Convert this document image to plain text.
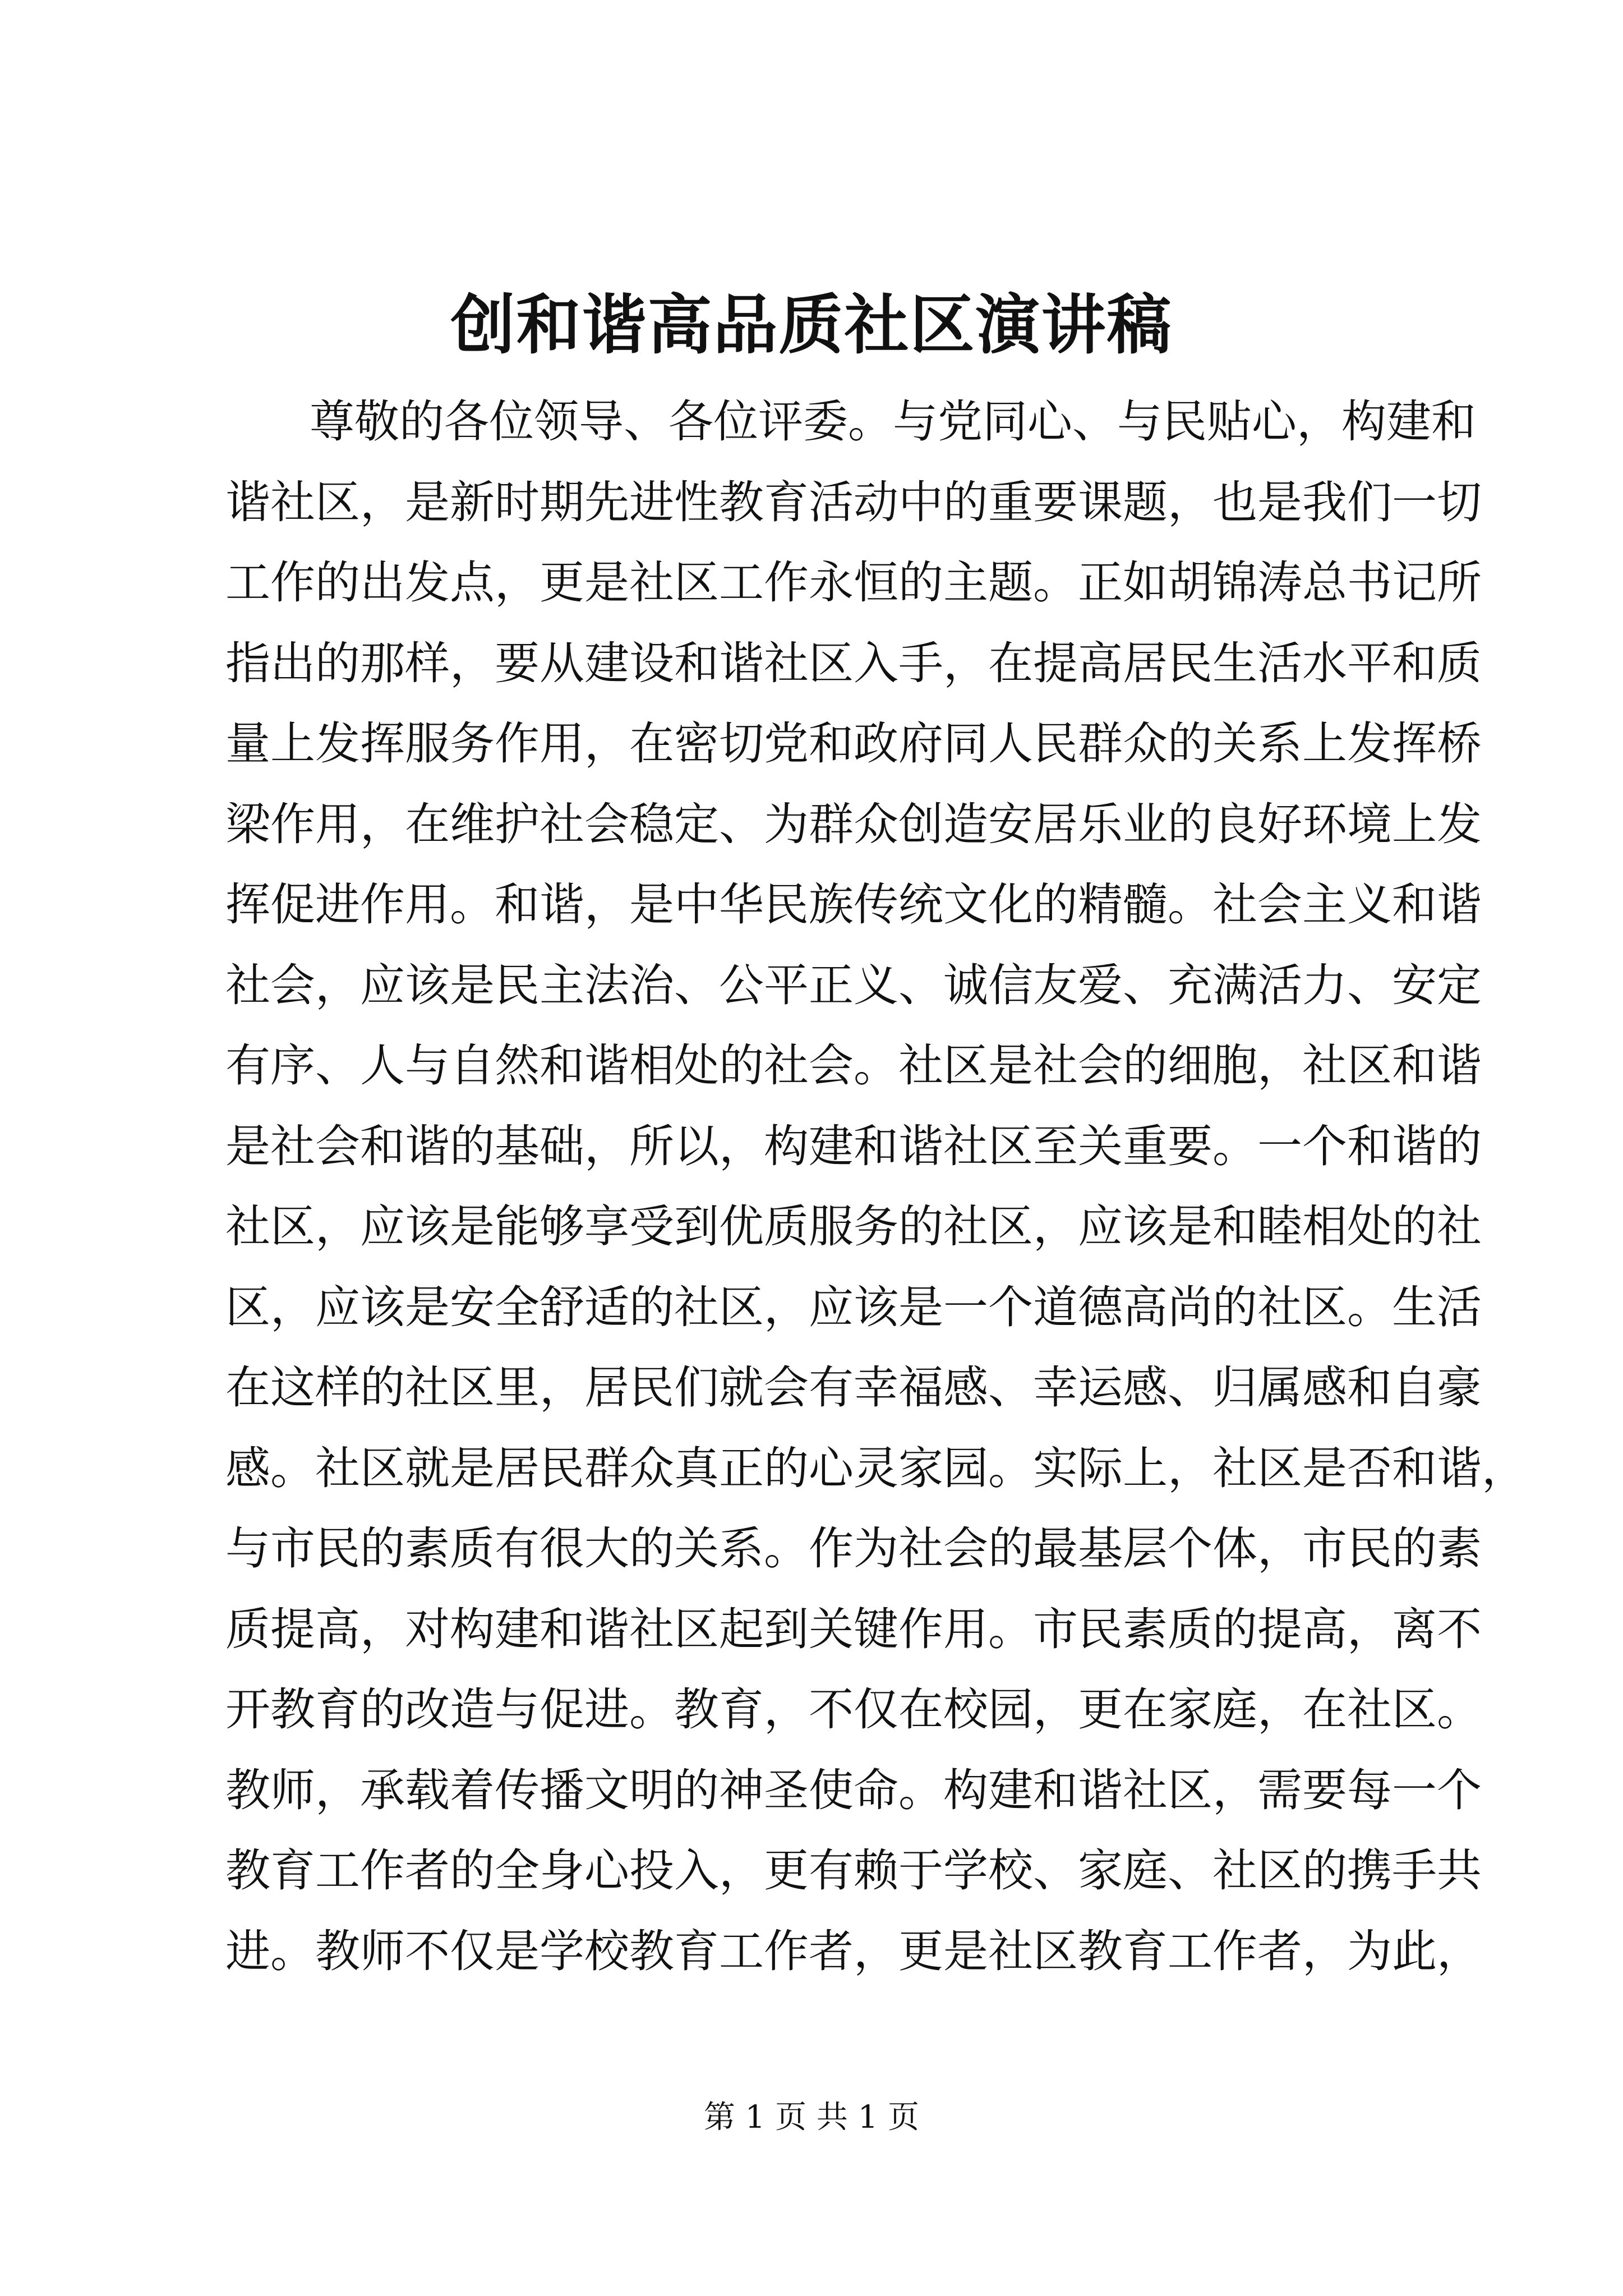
创和谐高品质社区演讲稿
尊敬的各位领导、各位评委。与党同心、与民贴心，构建和
谐社区，是新时期先进性教育活动中的重要课题，也是我们一切
工作的出发点，更是社区工作永恒的主题。正如胡锦涛总书记所
指出的那样，要从建设和谐社区入手，在提高居民生活水平和质
量上发挥服务作用，在密切党和政府同人民群众的关系上发挥桥
梁作用，在维护社会稳定、为群众创造安居乐业的良好环境上发
挥促进作用。和谐，是中华民族传统文化的精髓。社会主义和谐
社会，应该是民主法治、公平正义、诚信友爱、充满活力、安定
有序、人与自然和谐相处的社会。社区是社会的细胞，社区和谐
是社会和谐的基础，所以，构建和谐社区至关重要。一个和谐的
社区，应该是能够享受到优质服务的社区，应该是和睦相处的社
区，应该是安全舒适的社区，应该是一个道德高尚的社区。生活
在这样的社区里，居民们就会有幸福感、幸运感、归属感和自豪
感。社区就是居民群众真正的心灵家园。实际上，社区是否和谐，
与市民的素质有很大的关系。作为社会的最基层个体，市民的素
质提高，对构建和谐社区起到关键作用。市民素质的提高，离不
开教育的改造与促进。教育，不仅在校园，更在家庭，在社区。
教师，承载着传播文明的神圣使命。构建和谐社区，需要每一个
教育工作者的全身心投入，更有赖于学校、家庭、社区的携手共
进。教师不仅是学校教育工作者，更是社区教育工作者，为此，
第 1 页 共 1 页
